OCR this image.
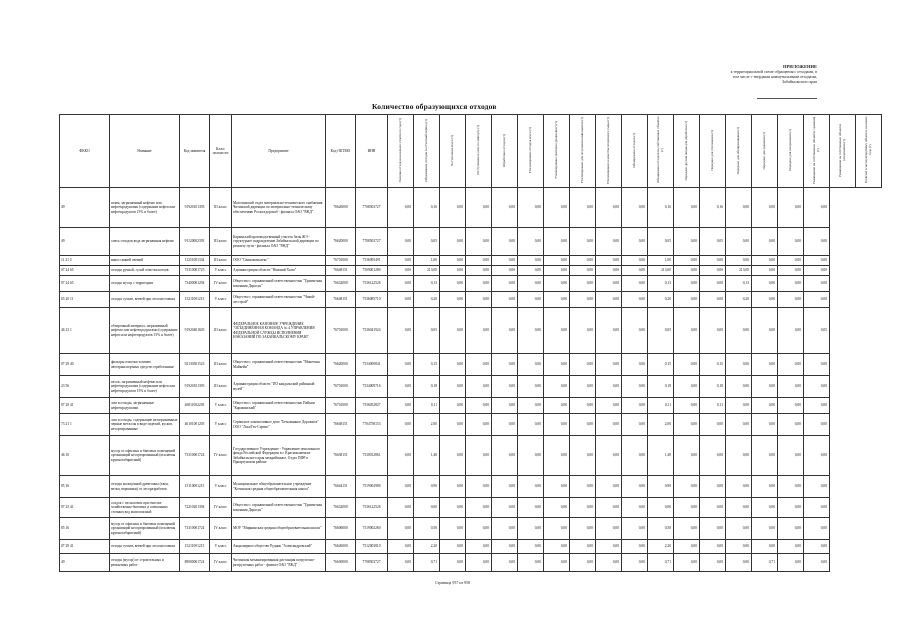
ПРИЛОЖЕНИЕ
к территориальной схеме обращения с отходами, в
том числе с твердыми коммунальными отходами,
Забайкальского края
Количество образующихся отходов
ФККО	Название	Код заявителя	Класс опасности	Предприятие	Код ОКТМО	ИНН	Наличие отходов на начало отчетного года (т)	Образование отходов за отчетный период (т)	Поступление всего (т)	Поступление из них по импорту (т)	Обработано отходов (т)	Утилизировано отходов всего (т)	Утилизировано повторно (рециклинг) (т)	Утилизировано для получения компонентов (т)	Утилизировано в качестве вторичного сырья (т)	Обезврежено отходов (т)	Обезврежено отходов на собственных объектах (т)	Передано другим лицам для обработки (т)	Передано для утилизации (т)	Передано для обезвреживания (т)	Передано для хранения (т)	Передано для захоронения (т)	Размещение на собственных объектах хранения (т)	Размещение на собственных объектах захоронения (т)	Наличие в эксплуатируемых объектах на конец года (т)
49	шлам, загрязненный нефтью или нефтепродуктами (содержание нефти или нефтепродуктов 15% и более)	91920101393	III класс	Могочинский отдел материально-технического снабжения Читинской дирекции по материально-техническому обеспечению Росжелдорснаб - филиала ОАО "РЖД"	76626000	7708503727	0,00	0,16	0,00	0,00	0,00	0,00	0,00	0,00	0,00	0,00	0,16	0,00	0,16	0,00	0,00	0,00	0,00		
49	смесь отходов вода загрязненная нефтью	91120002393	III класс	Карымский производственный участок базы ЖЭ - структурное подразделение Забайкальской дирекции по ремонту пути - филиала ОАО "РЖД"	76620000	7708503727	0,00	0,05	0,00	0,00	0,00	0,00	0,00	0,00	0,00	0,00	0,05	0,00	0,05	0,00	0,00	0,00	0,00		
11 21 5	навоз свиней свежий	11251001334	III класс	ООО "Свинокомплекс"	76701000	7536095491	0,00	1,00	0,00	0,00	0,00	0,00	0,00	0,00	0,00	0,00	1,00	0,00	0,00	0,00	0,00	0,00	0,00		
07 24 65	отходы ручной, сухой очистки котлов	73310001725	V класс	Администрация области "Нижний Холм"	76648151	7509001280	0,00	213,00	0,00	0,00	0,00	0,00	0,00	0,00	0,00	0,00	213,00	0,00	0,00	213,00	0,00	0,00	0,00		
07 24 65	отходы мусор с территории	73400001294	IV класс	Общество с ограниченной ответственностью "Транзитная компания Дарасун"	76632000	7536122526	0,00	0,13	0,00	0,00	0,00	0,00	0,00	0,00	0,00	0,00	0,13	0,00	0,00	0,13	0,00	0,00	0,00		
65 20 11	отходы сучьев, ветвей при лесозаготовках	15211001215	V класс	Общество с ограниченной ответственностью "Чикой-лесстрой"	76648151	7536085710	0,00	0,20	0,00	0,00	0,00	0,00	0,00	0,00	0,00	0,00	0,20	0,00	0,00	0,20	0,00	0,00	0,00		
46 23 1	обтирочный материал, загрязненный нефтью или нефтепродуктами (содержание нефти или нефтепродуктов 15% и более)	91920401603	III класс	ФЕДЕРАЛЬНОЕ КАЗЕННОЕ УЧРЕЖДЕНИЕ "ОБЪЕДИНЁННАЯ КОМАНДА № 4 УПРАВЛЕНИЯ ФЕДЕРАЛЬНОЙ СЛУЖБЫ ИСПОЛНЕНИЯ НАКАЗАНИЙ ПО ЗАБАЙКАЛЬСКОМУ КРАЮ"	76701000	7536041924	0,00	0,05	0,00	0,00	0,00	0,00	0,00	0,00	0,00	0,00	0,05	0,00	0,00	0,00	0,00	0,00	0,05		
07 29 40	фильтры очистки топлива автотранспортных средств отработанные	92130301523	III класс	Общество с ограниченной ответственностью "Монетная Майкейн"	76620000	7534009841	0,00	0,15	0,00	0,00	0,00	0,00	0,00	0,00	0,00	0,00	0,15	0,00	0,15	0,00	0,00	0,00	0,00		
23 56	песок, загрязненный нефтью или нефтепродуктами (содержание нефти или нефтепродуктов 15% и более)	91920101393	III класс	Администрация области "ПО кандальский районный музей"	76701000	7534009716	0,00	0,18	0,00	0,00	0,00	0,00	0,00	0,00	0,00	0,00	0,18	0,00	0,18	0,00	0,00	0,00	0,00		
07 29 41	лом и отходы, загрязненные нефтепродуктами	46811002203	V класс	Общество с ограниченной ответственностью Пайкин "Каракинский"	76701000	7536052827	0,00	0,11	0,00	0,00	0,00	0,00	0,00	0,00	0,00	0,00	0,11	0,00	0,11	0,00	0,00	0,00	0,00		
73 21 1	лом и отходы, содержащие незагрязненные черные металлы в виде изделий, кусков, несортированные	46101001205	V класс	Сервисное локомотивное депо "Безымянное Дорожное" ООО "ЛокоТех-Сервис"	76648151	7704758153	0,00	2,00	0,00	0,00	0,00	0,00	0,00	0,00	0,00	0,00	2,00	0,00	0,00	0,00	0,00	0,00	0,00		
46 10	мусор от офисных и бытовых помещений организаций несортированный (исключая крупногабаритный)	73310001724	IV класс	Государственное Учреждение - Управление пенсионного фонда Российской Федерации в г. Краснокаменске Забайкальского края межрайонное, Отдел ПФР в Приаргунском районе	76638151	7530012861	0,00	1,48	0,00	0,00	0,00	0,00	0,00	0,00	0,00	0,00	1,48	0,00	0,00	0,00	0,00	0,00	0,00		
85 16	отходы малоценной древесины (хвоя, ветки, вершинки) от лесоразработок	15110001215	V класс	Муниципальное общеобразовательное учреждение "Котинская средняя общеобразовательная школа"	76644151	7519002980	0,00	0,90	0,00	0,00	0,00	0,00	0,00	0,00	0,00	0,00	0,90	0,00	0,00	0,00	0,00	0,00	0,00		
07 23 41	осадок с песколовок при очистке хозяйственно-бытовых и смешанных сточных вод малоопасный	72210201394	IV класс	Общество с ограниченной ответственностью "Транзитная компания Дарасун"	76632000	7536122526	0,00	0,00	0,00	0,00	0,00	0,00	0,00	0,00	0,00	0,00	0,00	0,00	0,00	0,00	0,00	0,00	0,00		
85 16	мусор от офисных и бытовых помещений организаций несортированный (исключая крупногабаритный)	73310001724	IV класс	МОУ "Мирнинская средняя общеобразовательная школа"	76606000	7519002260	0,00	0,50	0,00	0,00	0,00	0,00	0,00	0,00	0,00	0,00	0,50	0,00	0,00	0,00	0,00	0,00	0,00		
07 29 41	отходы сучьев, ветвей при лесозаготовках	15211001215	V класс	Акционерное общество Рудник "Александровский"	76626000	7512003810	0,00	2,20	0,00	0,00	0,00	0,00	0,00	0,00	0,00	0,00	2,20	0,00	0,00	0,00	0,00	0,00	0,00		
49	отходы (мусор) от строительных и ремонтных работ	89000001724	IV класс	Читинская механизированная дистанция погрузочно-разгрузочных работ - филиал ОАО "РЖД"	76630000	7708503727	0,00	0,71	0,00	0,00	0,00	0,00	0,00	0,00	0,00	0,00	0,71	0,00	0,00	0,00	0,71	0,00	0,00		
Страница 957 из 958
